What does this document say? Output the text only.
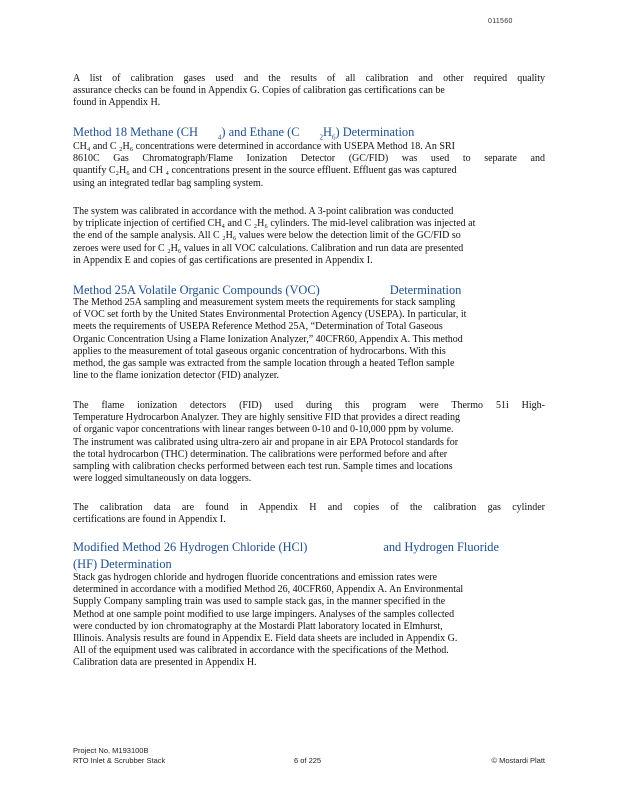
011560
A list of calibration gases used and the results of all calibration and other required quality
assurance checks can be found in Appendix G. Copies of calibration gas certifications can be
found in Appendix H.
Method 18 Methane (CH	$_4$) and Ethane (C	$_2H_6$) Determination
CH₄ and C ₂H₆ concentrations were determined in accordance with USEPA Method 18. An SRI
8610C Gas Chromatograph/Flame Ionization Detector (GC/FID) was used to separate and
quantify C₂H₆ and CH ₄ concentrations present in the source effluent. Effluent gas was captured
using an integrated tedlar bag sampling system.
The system was calibrated in accordance with the method. A 3-point calibration was conducted
by triplicate injection of certified CH₄ and C ₂H₆ cylinders. The mid-level calibration was injected at
the end of the sample analysis. All C ₂H₆ values were below the detection limit of the GC/FID so
zeroes were used for C ₂H₆ values in all VOC calculations. Calibration and run data are presented
in Appendix E and copies of gas certifications are presented in Appendix I.
Method 25A Volatile Organic Compounds (VOC)	Determination
The Method 25A sampling and measurement system meets the requirements for stack sampling
of VOC set forth by the United States Environmental Protection Agency (USEPA). In particular, it
meets the requirements of USEPA Reference Method 25A, “Determination of Total Gaseous
Organic Concentration Using a Flame Ionization Analyzer,” 40CFR60, Appendix A. This method
applies to the measurement of total gaseous organic concentration of hydrocarbons. With this
method, the gas sample was extracted from the sample location through a heated Teflon sample
line to the flame ionization detector (FID) analyzer.
The flame ionization detectors (FID) used during this program were Thermo 51i High-
Temperature Hydrocarbon Analyzer. They are highly sensitive FID that provides a direct reading
of organic vapor concentrations with linear ranges between 0-10 and 0-10,000 ppm by volume.
The instrument was calibrated using ultra-zero air and propane in air EPA Protocol standards for
the total hydrocarbon (THC) determination. The calibrations were performed before and after
sampling with calibration checks performed between each test run. Sample times and locations
were logged simultaneously on data loggers.
The calibration data are found in Appendix H and copies of the calibration gas cylinder
certifications are found in Appendix I.
Modified Method 26 Hydrogen Chloride (HCl)	and Hydrogen Fluoride
(HF) Determination
Stack gas hydrogen chloride and hydrogen fluoride concentrations and emission rates were
determined in accordance with a modified Method 26, 40CFR60, Appendix A. An Environmental
Supply Company sampling train was used to sample stack gas, in the manner specified in the
Method at one sample point modified to use large impingers. Analyses of the samples collected
were conducted by ion chromatography at the Mostardi Platt laboratory located in Elmhurst,
Illinois. Analysis results are found in Appendix E. Field data sheets are included in Appendix G.
All of the equipment used was calibrated in accordance with the specifications of the Method.
Calibration data are presented in Appendix H.
Project No. M193100B
RTO Inlet & Scrubber Stack	6 of 225	© Mostardi Platt
